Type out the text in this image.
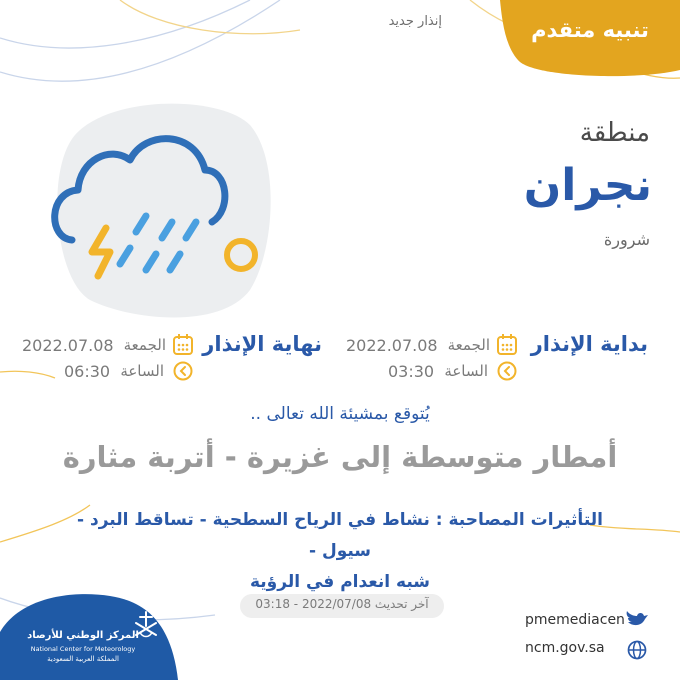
تنبيه متقدم
إنذار جديد
منطقة
نجران
شرورة
بداية الإنذار
الجمعة
2022.07.08
الساعة
03:30
نهاية الإنذار
الجمعة
2022.07.08
الساعة
06:30
يُتوقع بمشيئة الله تعالى ..
أمطار متوسطة إلى غزيرة - أتربة مثارة
التأثيرات المصاحبة : نشاط في الرياح السطحية - تساقط البرد - سيول -
شبه انعدام في الرؤية
آخر تحديث 2022/07/08 - 03:18
pmemediacen
ncm.gov.sa
المركز الوطني للأرصاد
National Center for Meteorology
المملكة العربية السعودية
